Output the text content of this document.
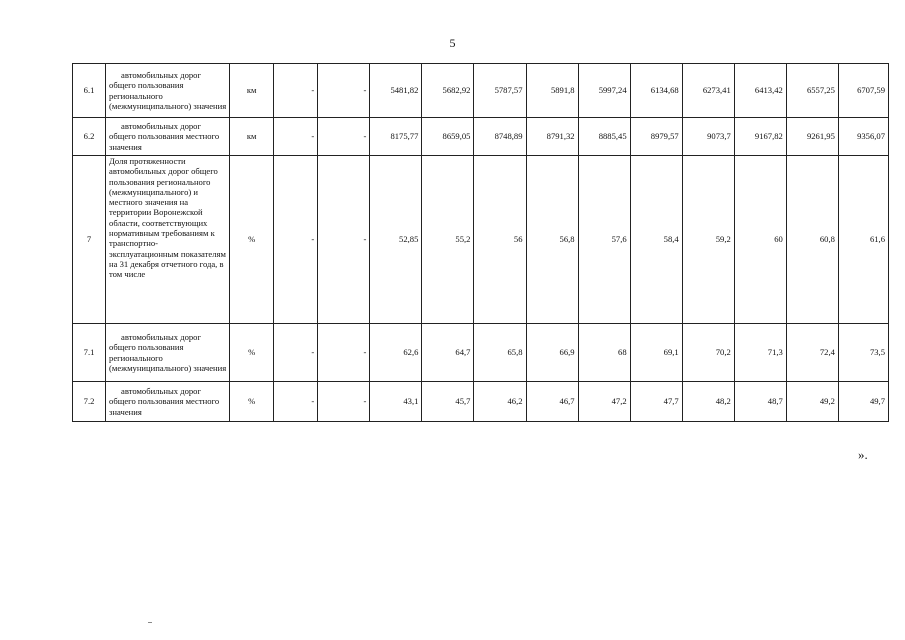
5
6.1	автомобильных дорог общего пользования регионального (межмуниципального) значения	км	-	-	5481,82	5682,92	5787,57	5891,8	5997,24	6134,68	6273,41	6413,42	6557,25	6707,59
6.2	автомобильных дорог общего пользования местного значения	км	-	-	8175,77	8659,05	8748,89	8791,32	8885,45	8979,57	9073,7	9167,82	9261,95	9356,07
7	Доля протяженности автомобильных дорог общего пользования регионального (межмуниципального) и местного значения на территории Воронежской области, соответствующих нормативным требованиям к транспортно-эксплуатационным показателям на 31 декабря отчетного года, в том числе	%	-	-	52,85	55,2	56	56,8	57,6	58,4	59,2	60	60,8	61,6
7.1	автомобильных дорог общего пользования регионального (межмуниципального) значения	%	-	-	62,6	64,7	65,8	66,9	68	69,1	70,2	71,3	72,4	73,5
7.2	автомобильных дорог общего пользования местного значения	%	-	-	43,1	45,7	46,2	46,7	47,2	47,7	48,2	48,7	49,2	49,7
».
